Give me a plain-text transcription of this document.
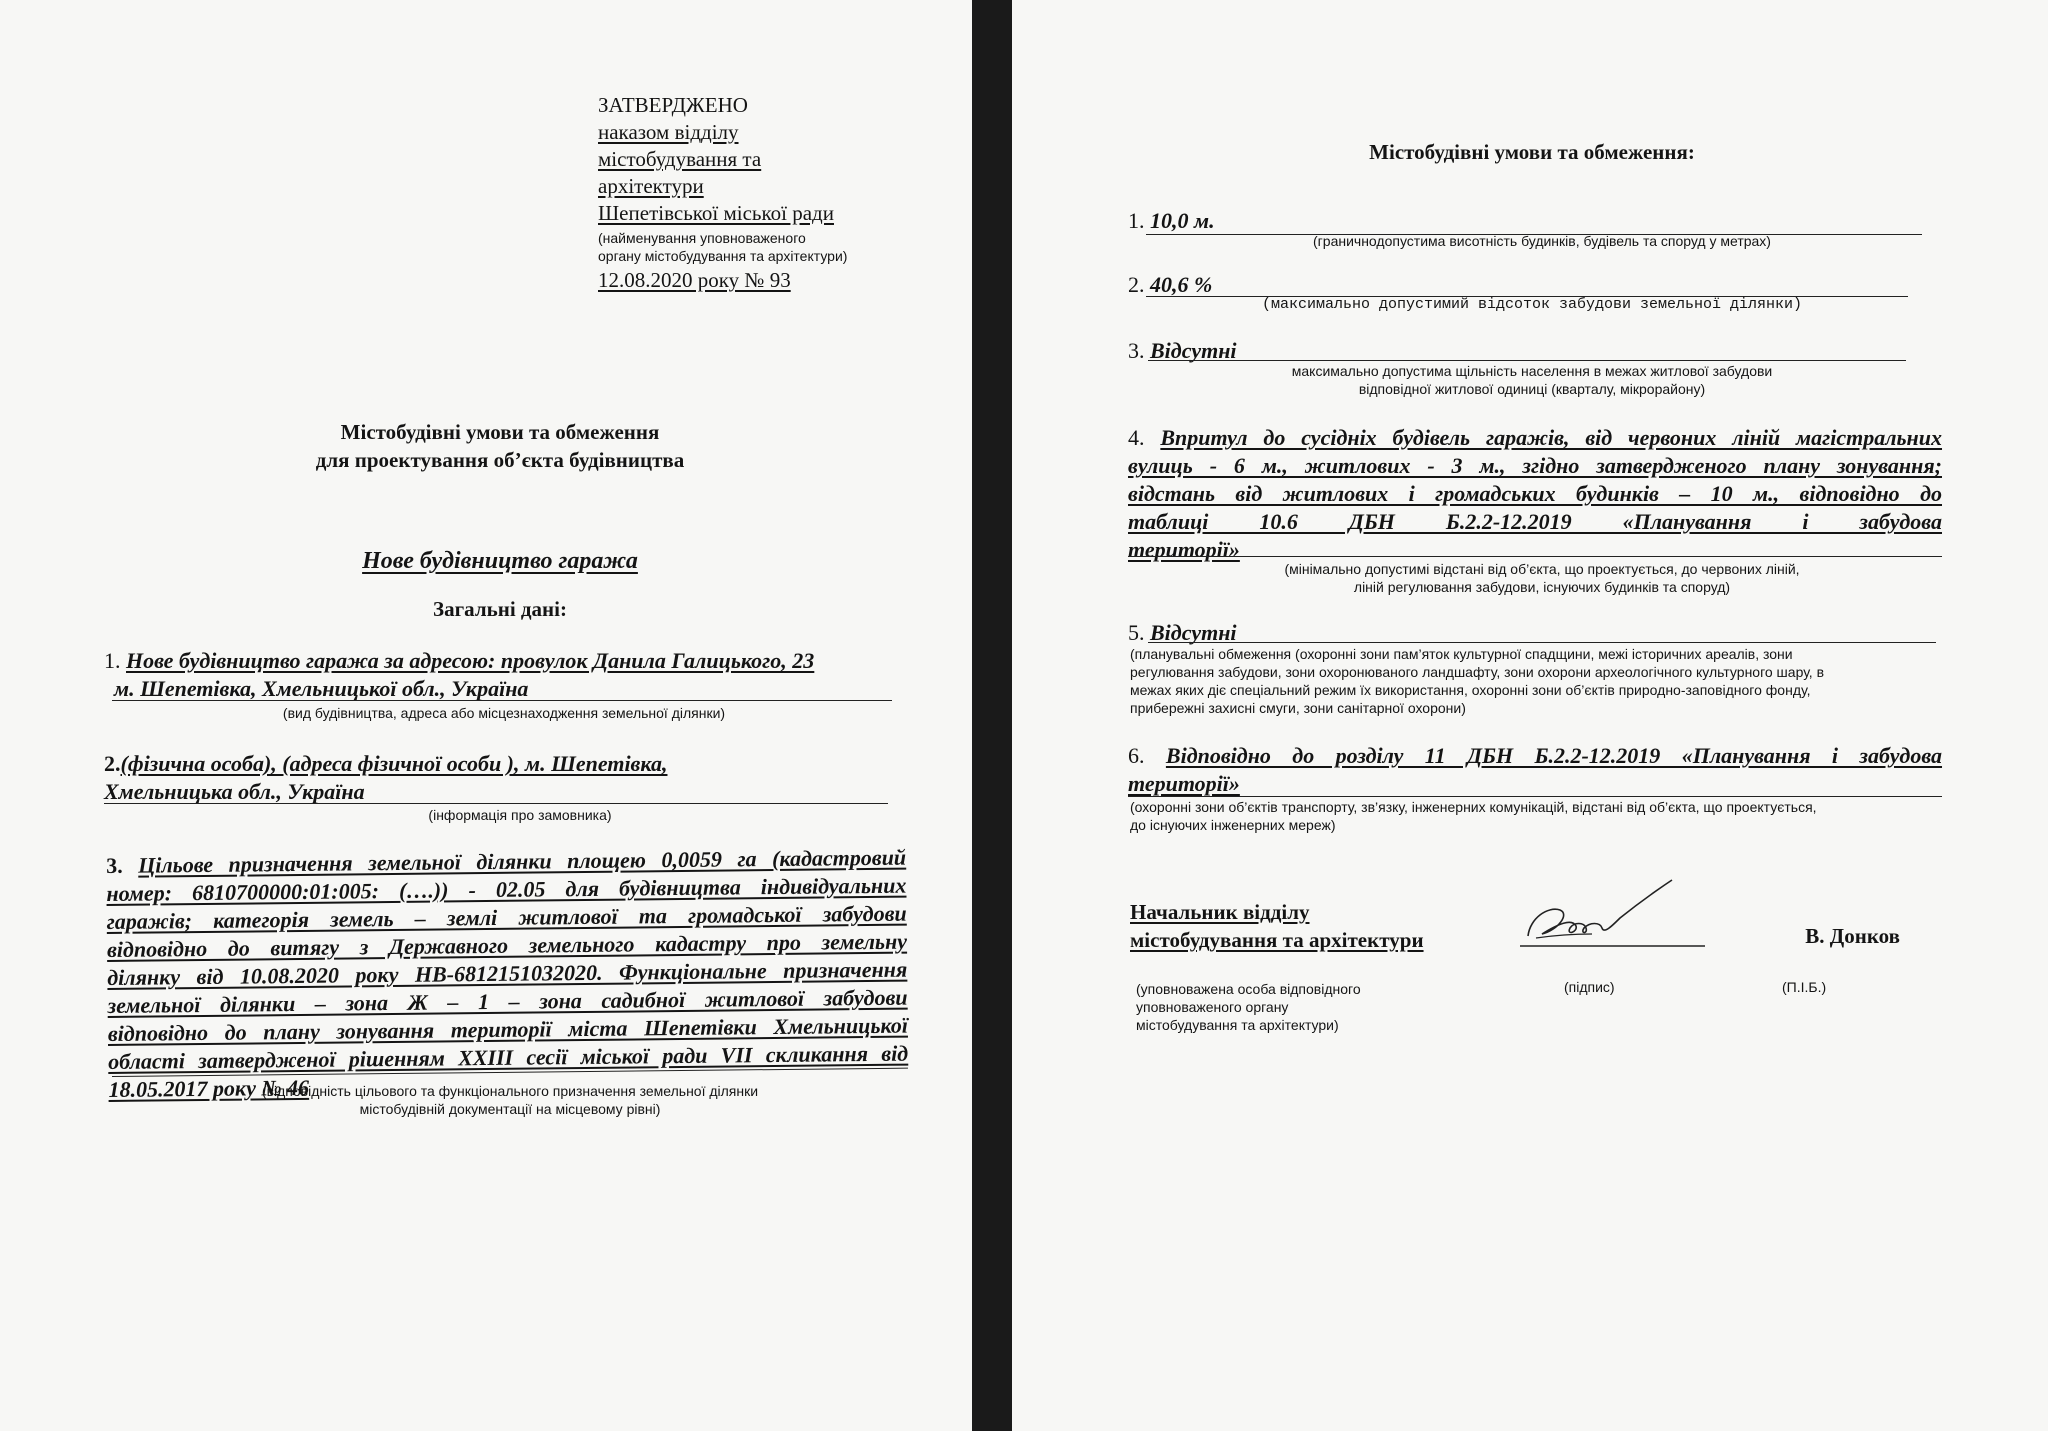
ЗАТВЕРДЖЕНО
наказом відділу
містобудування та
архітектури
Шепетівської міської ради
(найменування уповноваженого
органу містобудування та архітектури)
12.08.2020 року № 93
Містобудівні умови та обмеження
для проектування об’єкта будівництва
Нове будівництво гаража
Загальні дані:
1. Нове будівництво гаража за адресою: провулок Данила Галицького, 23
м. Шепетівка, Хмельницької обл., Україна
(вид будівництва, адреса або місцезнаходження земельної ділянки)
2.(фізична особа), (адреса фізичної особи ), м. Шепетівка,
Хмельницька обл., Україна
(інформація про замовника)
3. Цільове призначення земельної ділянки площею 0,0059 га (кадастровий
номер: 6810700000:01:005: (….)) - 02.05 для будівництва індивідуальних
гаражів; категорія земель – землі житлової та громадської забудови
відповідно до витягу з Державного земельного кадастру про земельну
ділянку від 10.08.2020 року НВ-6812151032020. Функціональне призначення
земельної ділянки – зона Ж – 1 – зона садибної житлової забудови
відповідно до плану зонування території міста Шепетівки Хмельницької
області затвердженої рішенням XXIII сесії міської ради VII скликання від
18.05.2017 року № 46
(відповідність цільового та функціонального призначення земельної ділянки
містобудівній документації на місцевому рівні)
Містобудівні умови та обмеження:
1. 10,0 м.
(граничнодопустима висотність будинків, будівель та споруд у метрах)
2. 40,6 %
(максимально допустимий відсоток забудови земельної ділянки)
3. Відсутні
максимально допустима щільність населення в межах житлової забудови
відповідної житлової одиниці (кварталу, мікрорайону)
4. Впритул до сусідніх будівель гаражів, від червоних ліній магістральних
вулиць - 6 м., житлових - 3 м., згідно затвердженого плану зонування;
відстань від житлових і громадських будинків – 10 м., відповідно до
таблиці 10.6 ДБН Б.2.2-12.2019 «Планування і забудова
території»
(мінімально допустимі відстані від об’єкта, що проектується, до червоних ліній,
ліній регулювання забудови, існуючих будинків та споруд)
5. Відсутні
(планувальні обмеження (охоронні зони пам’яток культурної спадщини, межі історичних ареалів, зони
регулювання забудови, зони охоронюваного ландшафту, зони охорони археологічного культурного шару, в
межах яких діє спеціальний режим їх використання, охоронні зони об’єктів природно-заповідного фонду,
прибережні захисні смуги, зони санітарної охорони)
6. Відповідно до розділу 11 ДБН Б.2.2-12.2019 «Планування і забудова
території»
(охоронні зони об’єктів транспорту, зв’язку, інженерних комунікацій, відстані від об’єкта, що проектується,
до існуючих інженерних мереж)
Начальник відділу
містобудування та архітектури	В. Донков
(уповноважена особа відповідного
уповноваженого органу
містобудування та архітектури)
(підпис)	(П.І.Б.)
